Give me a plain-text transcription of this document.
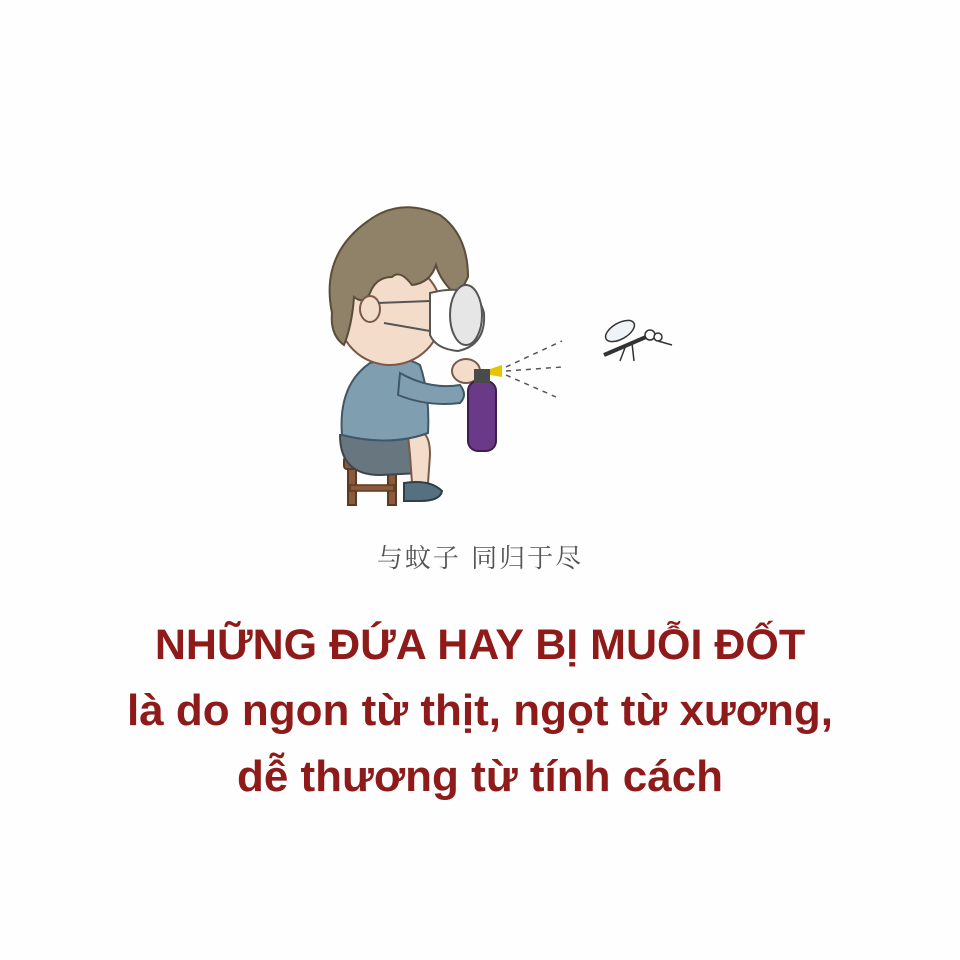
与蚊子 同归于尽
NHỮNG ĐỨA HAY BỊ MUỖI ĐỐT
là do ngon từ thịt, ngọt từ xương,
dễ thương từ tính cách
